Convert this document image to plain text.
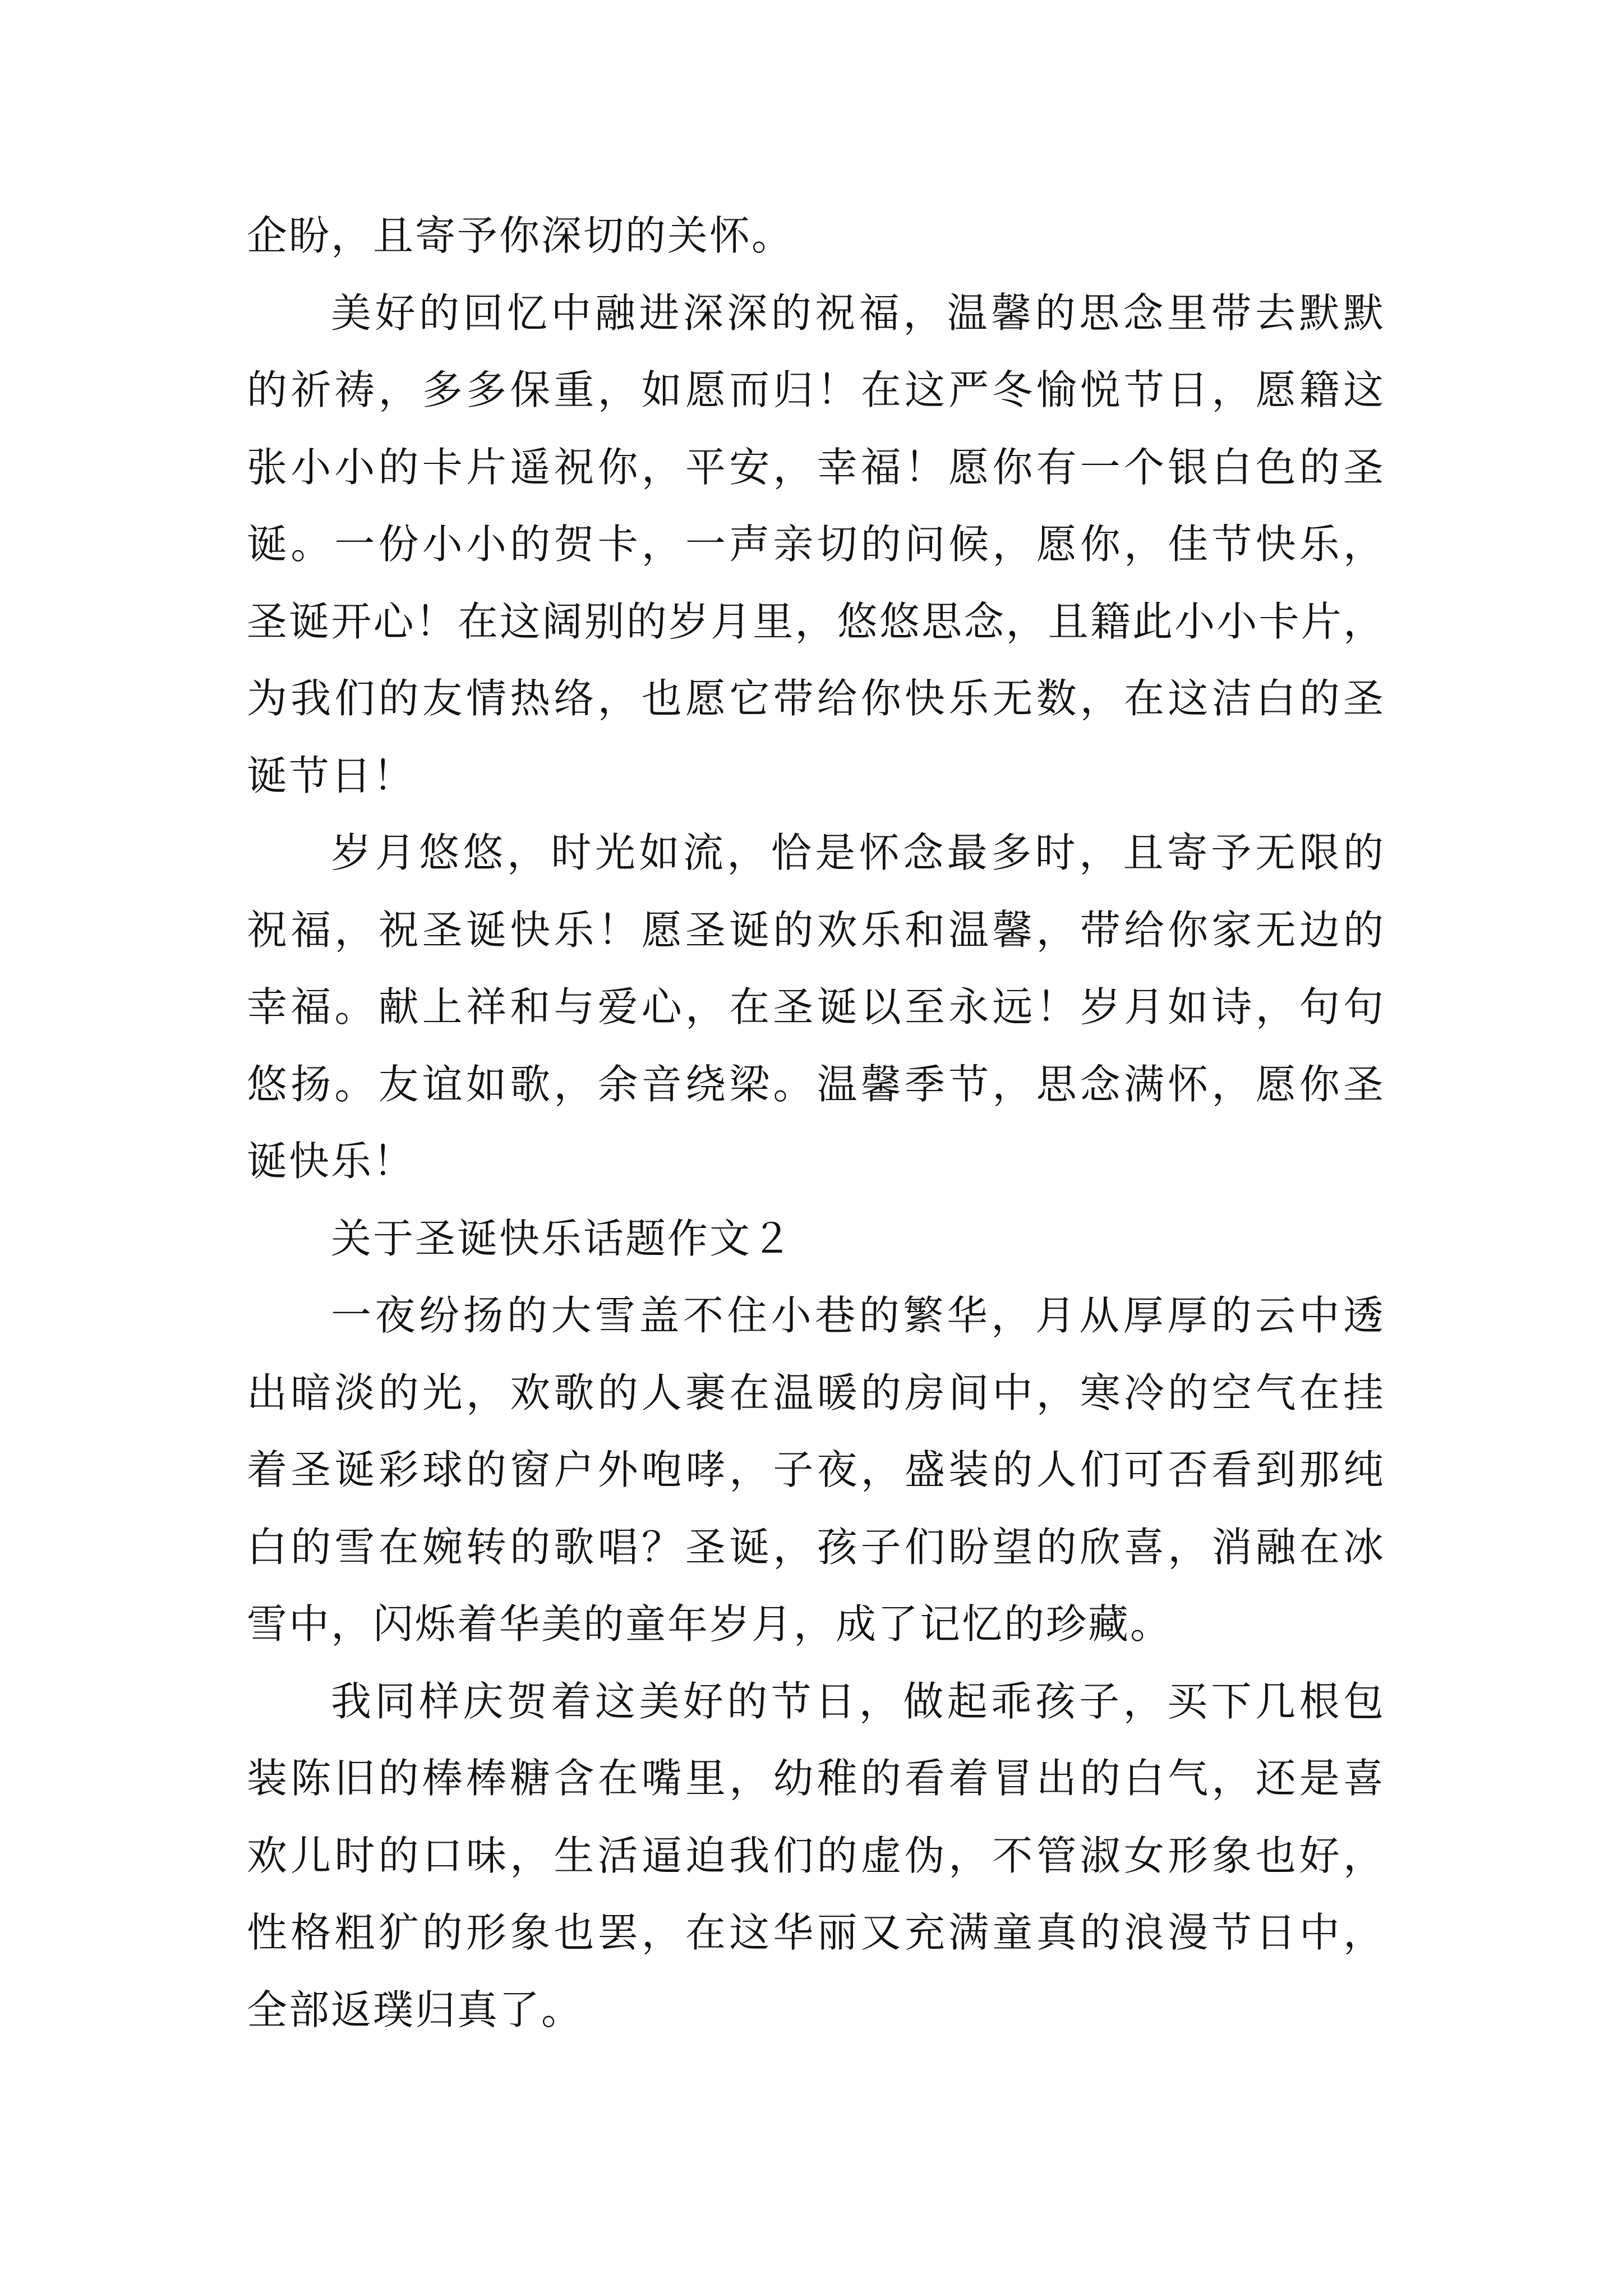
企盼，且寄予你深切的关怀。
美好的回忆中融进深深的祝福，温馨的思念里带去默默
的祈祷，多多保重，如愿而归！在这严冬愉悦节日，愿籍这
张小小的卡片遥祝你，平安，幸福！愿你有一个银白色的圣
诞。一份小小的贺卡，一声亲切的问候，愿你，佳节快乐，
圣诞开心！在这阔别的岁月里，悠悠思念，且籍此小小卡片，
为我们的友情热络，也愿它带给你快乐无数，在这洁白的圣
诞节日！
岁月悠悠，时光如流，恰是怀念最多时，且寄予无限的
祝福，祝圣诞快乐！愿圣诞的欢乐和温馨，带给你家无边的
幸福。献上祥和与爱心，在圣诞以至永远！岁月如诗，句句
悠扬。友谊如歌，余音绕梁。温馨季节，思念满怀，愿你圣
诞快乐！
关于圣诞快乐话题作文２
一夜纷扬的大雪盖不住小巷的繁华，月从厚厚的云中透
出暗淡的光，欢歌的人裹在温暖的房间中，寒冷的空气在挂
着圣诞彩球的窗户外咆哮，子夜，盛装的人们可否看到那纯
白的雪在婉转的歌唱？圣诞，孩子们盼望的欣喜，消融在冰
雪中，闪烁着华美的童年岁月，成了记忆的珍藏。
我同样庆贺着这美好的节日，做起乖孩子，买下几根包
装陈旧的棒棒糖含在嘴里，幼稚的看着冒出的白气，还是喜
欢儿时的口味，生活逼迫我们的虚伪，不管淑女形象也好，
性格粗犷的形象也罢，在这华丽又充满童真的浪漫节日中，
全部返璞归真了。
